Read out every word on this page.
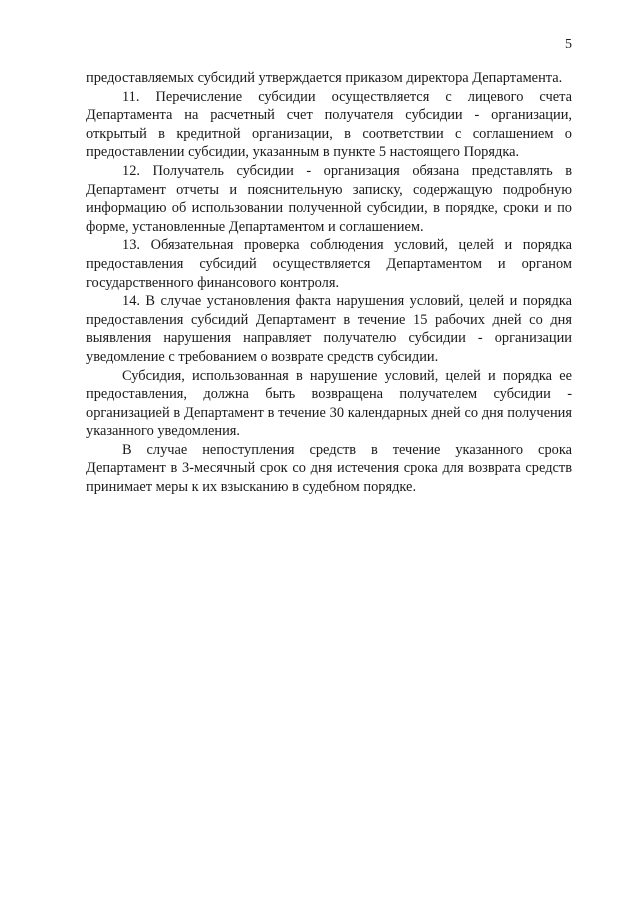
5

предоставляемых субсидий утверждается приказом директора Департамента.

11. Перечисление субсидии осуществляется с лицевого счета Департамента на расчетный счет получателя субсидии - организации, открытый в кредитной организации, в соответствии с соглашением о предоставлении субсидии, указанным в пункте 5 настоящего Порядка.

12. Получатель субсидии - организация обязана представлять в Департамент отчеты и пояснительную записку, содержащую подробную информацию об использовании полученной субсидии, в порядке, сроки и по форме, установленные Департаментом и соглашением.

13. Обязательная проверка соблюдения условий, целей и порядка предоставления субсидий осуществляется Департаментом и органом государственного финансового контроля.

14. В случае установления факта нарушения условий, целей и порядка предоставления субсидий Департамент в течение 15 рабочих дней со дня выявления нарушения направляет получателю субсидии - организации уведомление с требованием о возврате средств субсидии.

Субсидия, использованная в нарушение условий, целей и порядка ее предоставления, должна быть возвращена получателем субсидии - организацией в Департамент в течение 30 календарных дней со дня получения указанного уведомления.

В случае непоступления средств в течение указанного срока Департамент в 3-месячный срок со дня истечения срока для возврата средств принимает меры к их взысканию в судебном порядке.
